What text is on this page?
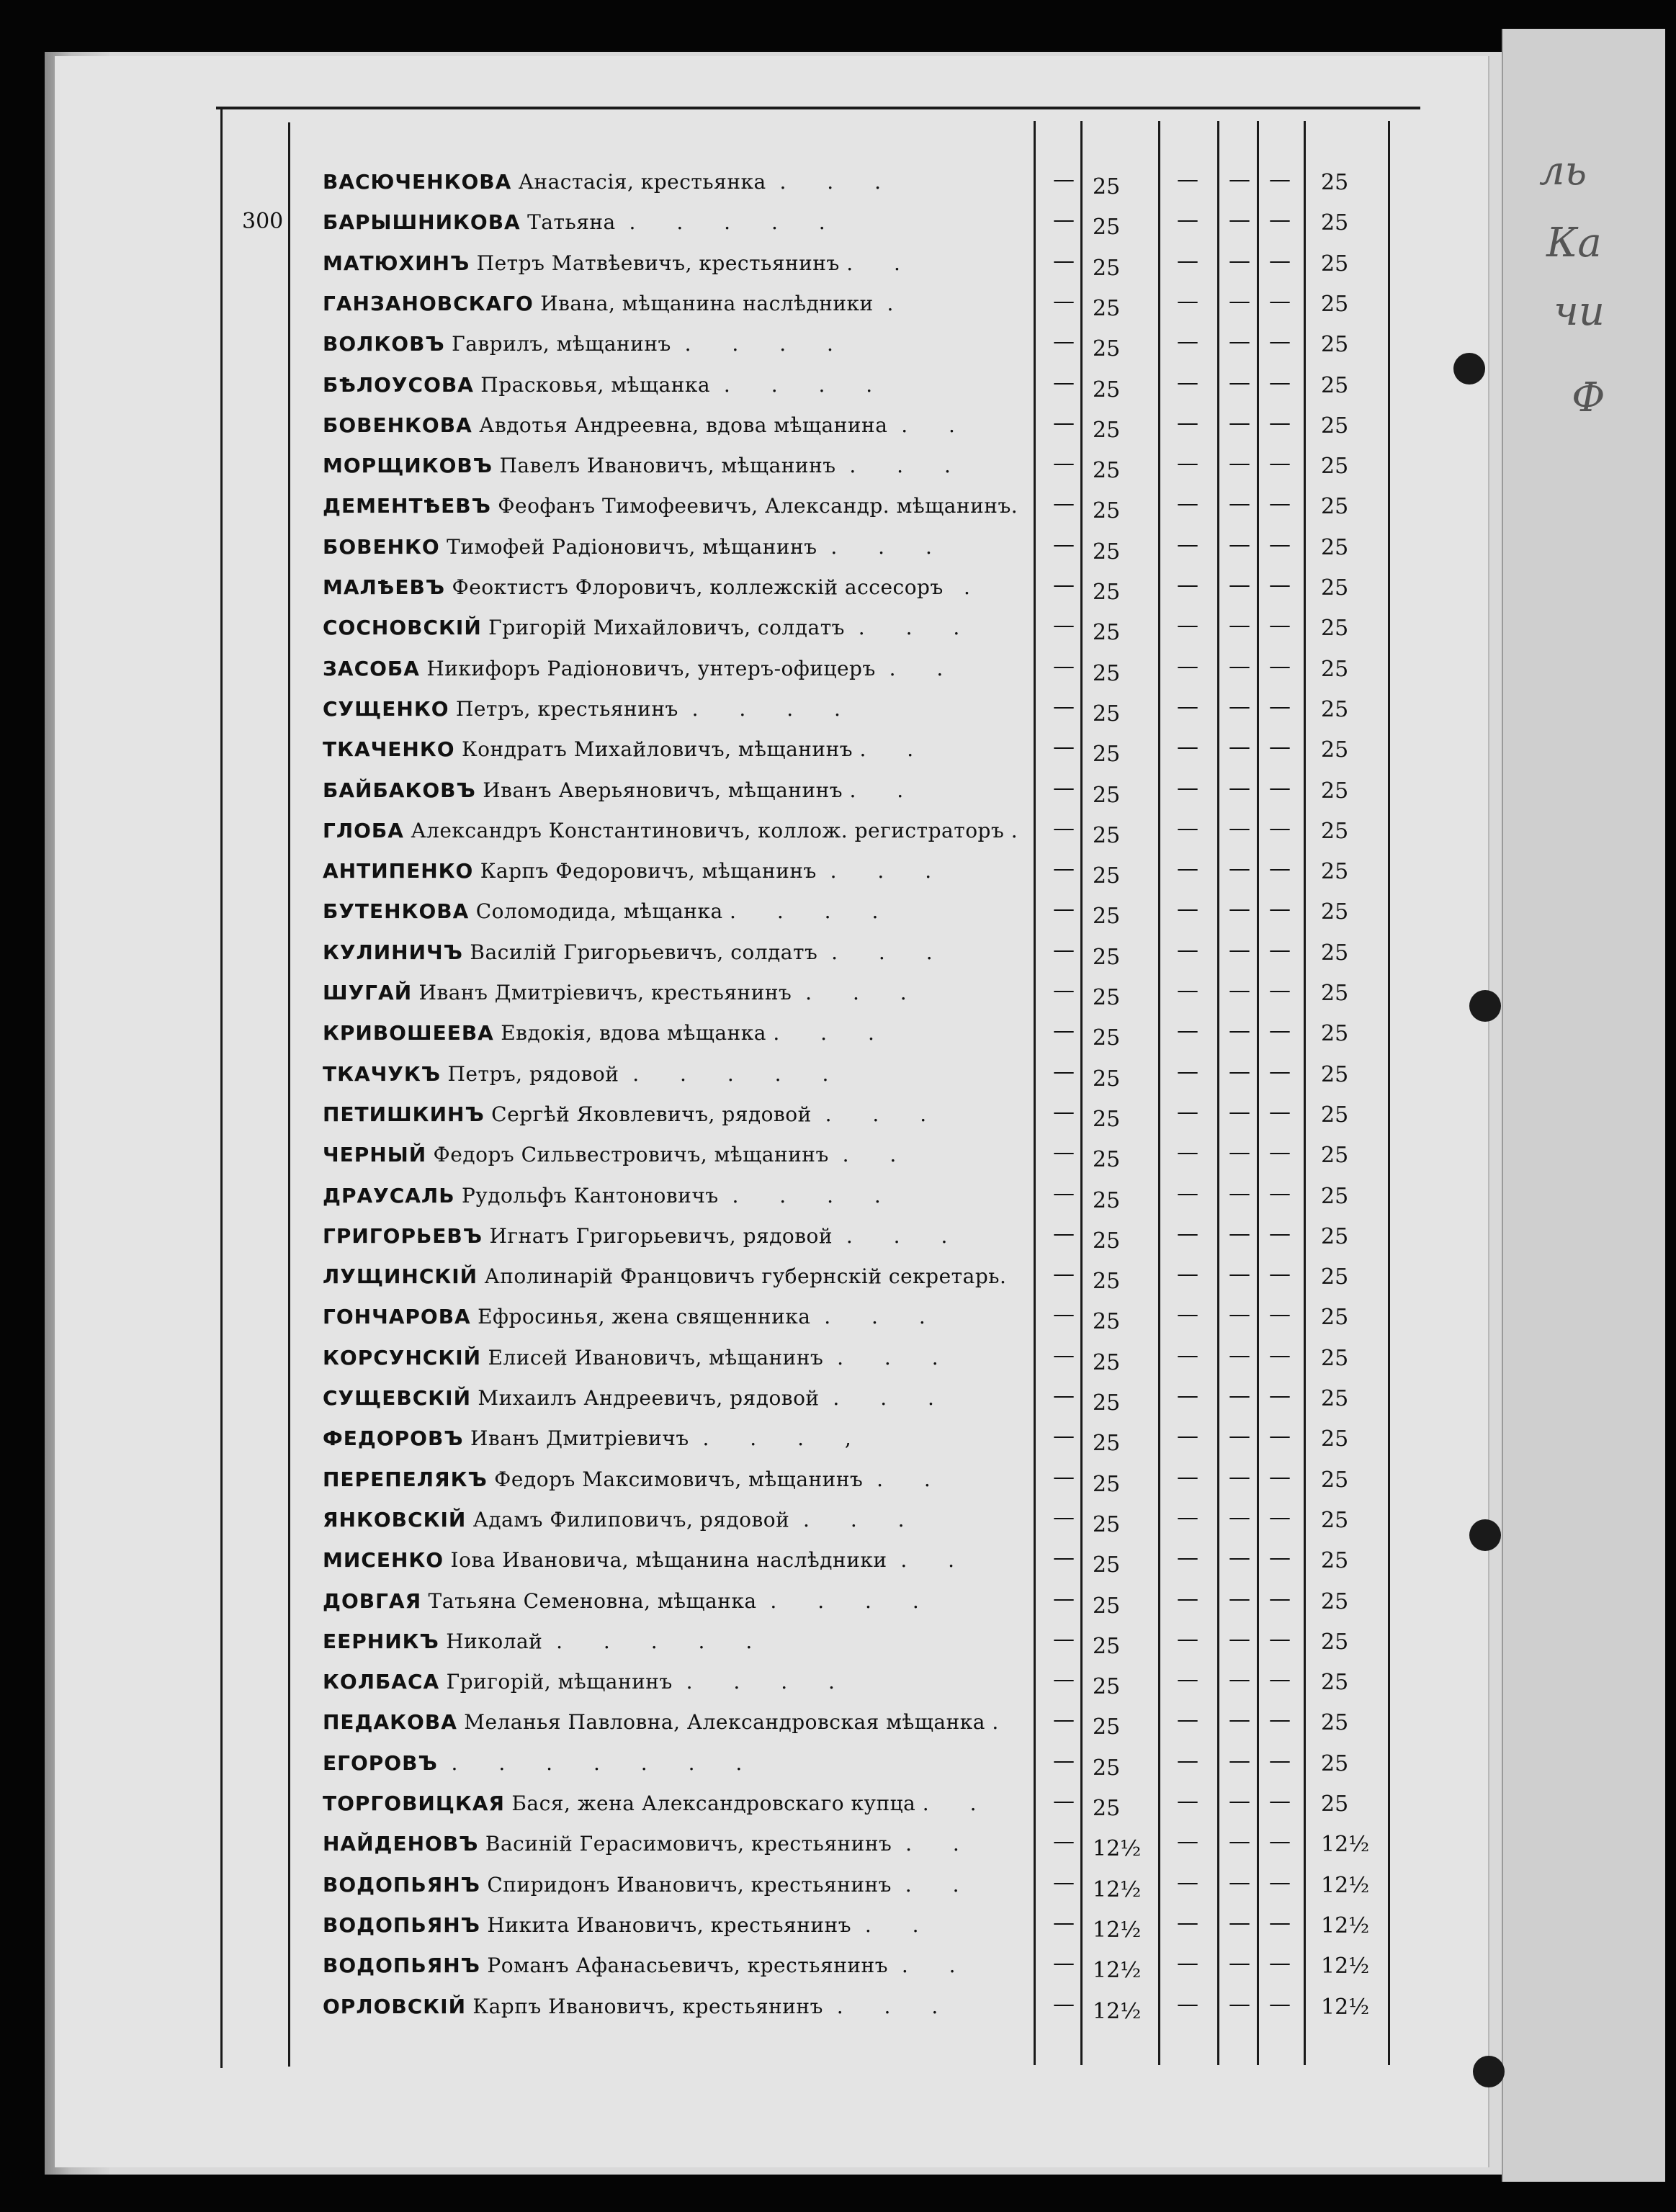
ль
Ка
чи
Ф
300
ВАСЮЧЕНКОВА Анастасія, крестьянка  .      .      .	— 25	— — — 25
БАРЫШНИКОВА Татьяна  .      .      .      .      .	— 25	— — — 25
МАТЮХИНЪ Петръ Матвѣевичъ, крестьянинъ .      .	— 25	— — — 25
ГАНЗАНОВСКАГО Ивана, мѣщанина наслѣдники  .	— 25	— — — 25
ВОЛКОВЪ Гаврилъ, мѣщанинъ  .      .      .      .	— 25	— — — 25
БѢЛОУСОВА Прасковья, мѣщанка  .      .      .      .	— 25	— — — 25
БОВЕНКОВА Авдотья Андреевна, вдова мѣщанина  .      .	— 25	— — — 25
МОРЩИКОВЪ Павелъ Ивановичъ, мѣщанинъ  .      .      .	— 25	— — — 25
ДЕМЕНТѢЕВЪ Феофанъ Тимофеевичъ, Александр. мѣщанинъ. — 25	— — — 25
БОВЕНКО Тимофей Радіоновичъ, мѣщанинъ  .      .      .	— 25	— — — 25
МАЛѢЕВЪ Феоктистъ Флоровичъ, коллежскій ассесоръ   .	— 25	— — — 25
СОСНОВСКІЙ Григорій Михайловичъ, солдатъ  .      .      .	— 25	— — — 25
ЗАСОБА Никифоръ Радіоновичъ, унтеръ-офицеръ  .      .	— 25	— — — 25
СУЩЕНКО Петръ, крестьянинъ  .      .      .      .	— 25	— — — 25
ТКАЧЕНКО Кондратъ Михайловичъ, мѣщанинъ .      .	— 25	— — — 25
БАЙБАКОВЪ Иванъ Аверьяновичъ, мѣщанинъ .      .	— 25	— — — 25
ГЛОБА Александръ Константиновичъ, коллож. регистраторъ . — 25	— — — 25
АНТИПЕНКО Карпъ Федоровичъ, мѣщанинъ  .      .      .	— 25	— — — 25
БУТЕНКОВА Соломодида, мѣщанка .      .      .      .	— 25	— — — 25
КУЛИНИЧЪ Василій Григорьевичъ, солдатъ  .      .      .	— 25	— — — 25
ШУГАЙ Иванъ Дмитріевичъ, крестьянинъ  .      .      .	— 25	— — — 25
КРИВОШЕЕВА Евдокія, вдова мѣщанка .      .      .	— 25	— — — 25
ТКАЧУКЪ Петръ, рядовой  .      .      .      .      .	— 25	— — — 25
ПЕТИШКИНЪ Сергѣй Яковлевичъ, рядовой  .      .      .	— 25	— — — 25
ЧЕРНЫЙ Федоръ Сильвестровичъ, мѣщанинъ  .      .	— 25	— — — 25
ДРАУСАЛЬ Рудольфъ Кантоновичъ  .      .      .      .	— 25	— — — 25
ГРИГОРЬЕВЪ Игнатъ Григорьевичъ, рядовой  .      .      .	— 25	— — — 25
ЛУЩИНСКІЙ Аполинарій Францовичъ губернскій секретарь. — 25	— — — 25
ГОНЧАРОВА Ефросинья, жена священника  .      .      .	— 25	— — — 25
КОРСУНСКІЙ Елисей Ивановичъ, мѣщанинъ  .      .      .	— 25	— — — 25
СУЩЕВСКІЙ Михаилъ Андреевичъ, рядовой  .      .      .	— 25	— — — 25
ФЕДОРОВЪ Иванъ Дмитріевичъ  .      .      .      ,	— 25	— — — 25
ПЕРЕПЕЛЯКЪ Федоръ Максимовичъ, мѣщанинъ  .      .	— 25	— — — 25
ЯНКОВСКІЙ Адамъ Филиповичъ, рядовой  .      .      .	— 25	— — — 25
МИСЕНКО Іова Ивановича, мѣщанина наслѣдники  .      .	— 25	— — — 25
ДОВГАЯ Татьяна Семеновна, мѣщанка  .      .      .      .	— 25	— — — 25
ЕЕРНИКЪ Николай  .      .      .      .      .	— 25	— — — 25
КОЛБАСА Григорій, мѣщанинъ  .      .      .      .	— 25	— — — 25
ПЕДАКОВА Меланья Павловна, Александровская мѣщанка .	— 25	— — — 25
ЕГОРОВЪ  .      .      .      .      .      .      .	— 25	— — — 25
ТОРГОВИЦКАЯ Бася, жена Александровскаго купца .      .	— 25	— — — 25
НАЙДЕНОВЪ Васиній Герасимовичъ, крестьянинъ  .      .	— 12½ — — — 12½
ВОДОПЬЯНЪ Спиридонъ Ивановичъ, крестьянинъ  .      .	— 12½ — — — 12½
ВОДОПЬЯНЪ Никита Ивановичъ, крестьянинъ  .      .	— 12½ — — — 12½
ВОДОПЬЯНЪ Романъ Афанасьевичъ, крестьянинъ  .      .	— 12½ — — — 12½
ОРЛОВСКІЙ Карпъ Ивановичъ, крестьянинъ  .      .      .	— 12½ — — — 12½
